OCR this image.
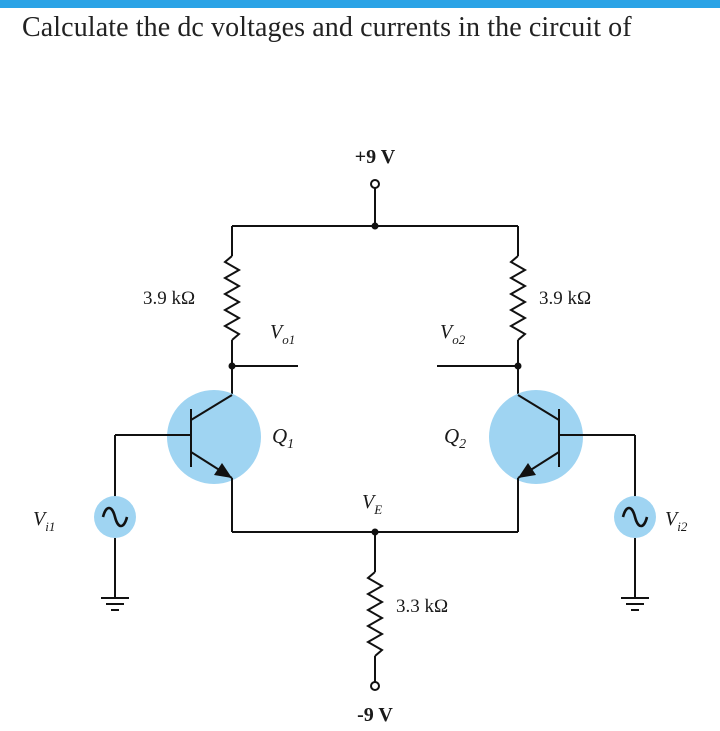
Calculate the dc voltages and currents in the circuit of
+9 V
3.9 kΩ
$V_{o1}$
3.9 kΩ
$V_{o2}$
$Q_1$	$Q_2$
$V_E$
3.3 kΩ
-9 V
$V_{i1}$	$V_{i2}$
